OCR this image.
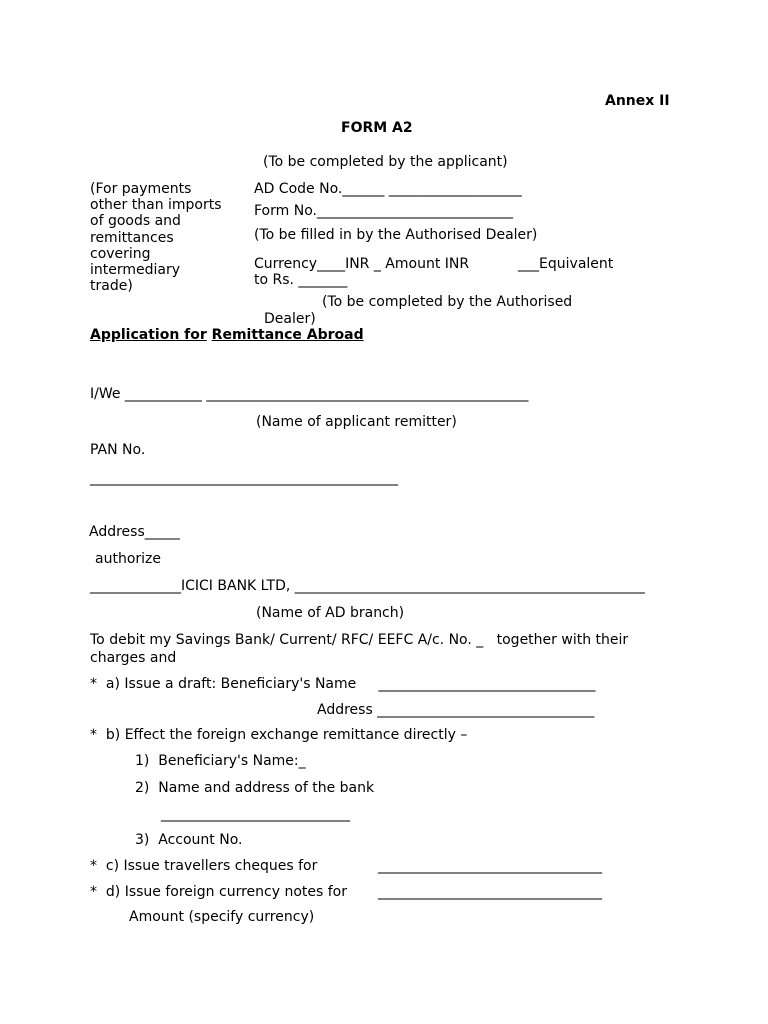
Annex II
FORM A2
(To be completed by the applicant)
(For payments
other than imports
of goods and
remittances
covering
intermediary
trade)
AD Code No.______ ___________________
Form No.____________________________
(To be filled in by the Authorised Dealer)
Currency____INR _ Amount INR           ___Equivalent
to Rs. _______
(To be completed by the Authorised
Dealer)
Application for Remittance Abroad
I/We ___________ ______________________________________________
(Name of applicant remitter)
PAN No.
____________________________________________
Address_____
authorize
_____________ICICI BANK LTD, __________________________________________________
(Name of AD branch)
To debit my Savings Bank/ Current/ RFC/ EEFC A/c. No. _   together with their
charges and
*  a) Issue a draft: Beneficiary's Name     _______________________________
Address _______________________________
*  b) Effect the foreign exchange remittance directly –
1)  Beneficiary's Name:_
2)  Name and address of the bank
___________________________
3)  Account No.
*  c) Issue travellers cheques for	________________________________
*  d) Issue foreign currency notes for ________________________________
Amount (specify currency)
